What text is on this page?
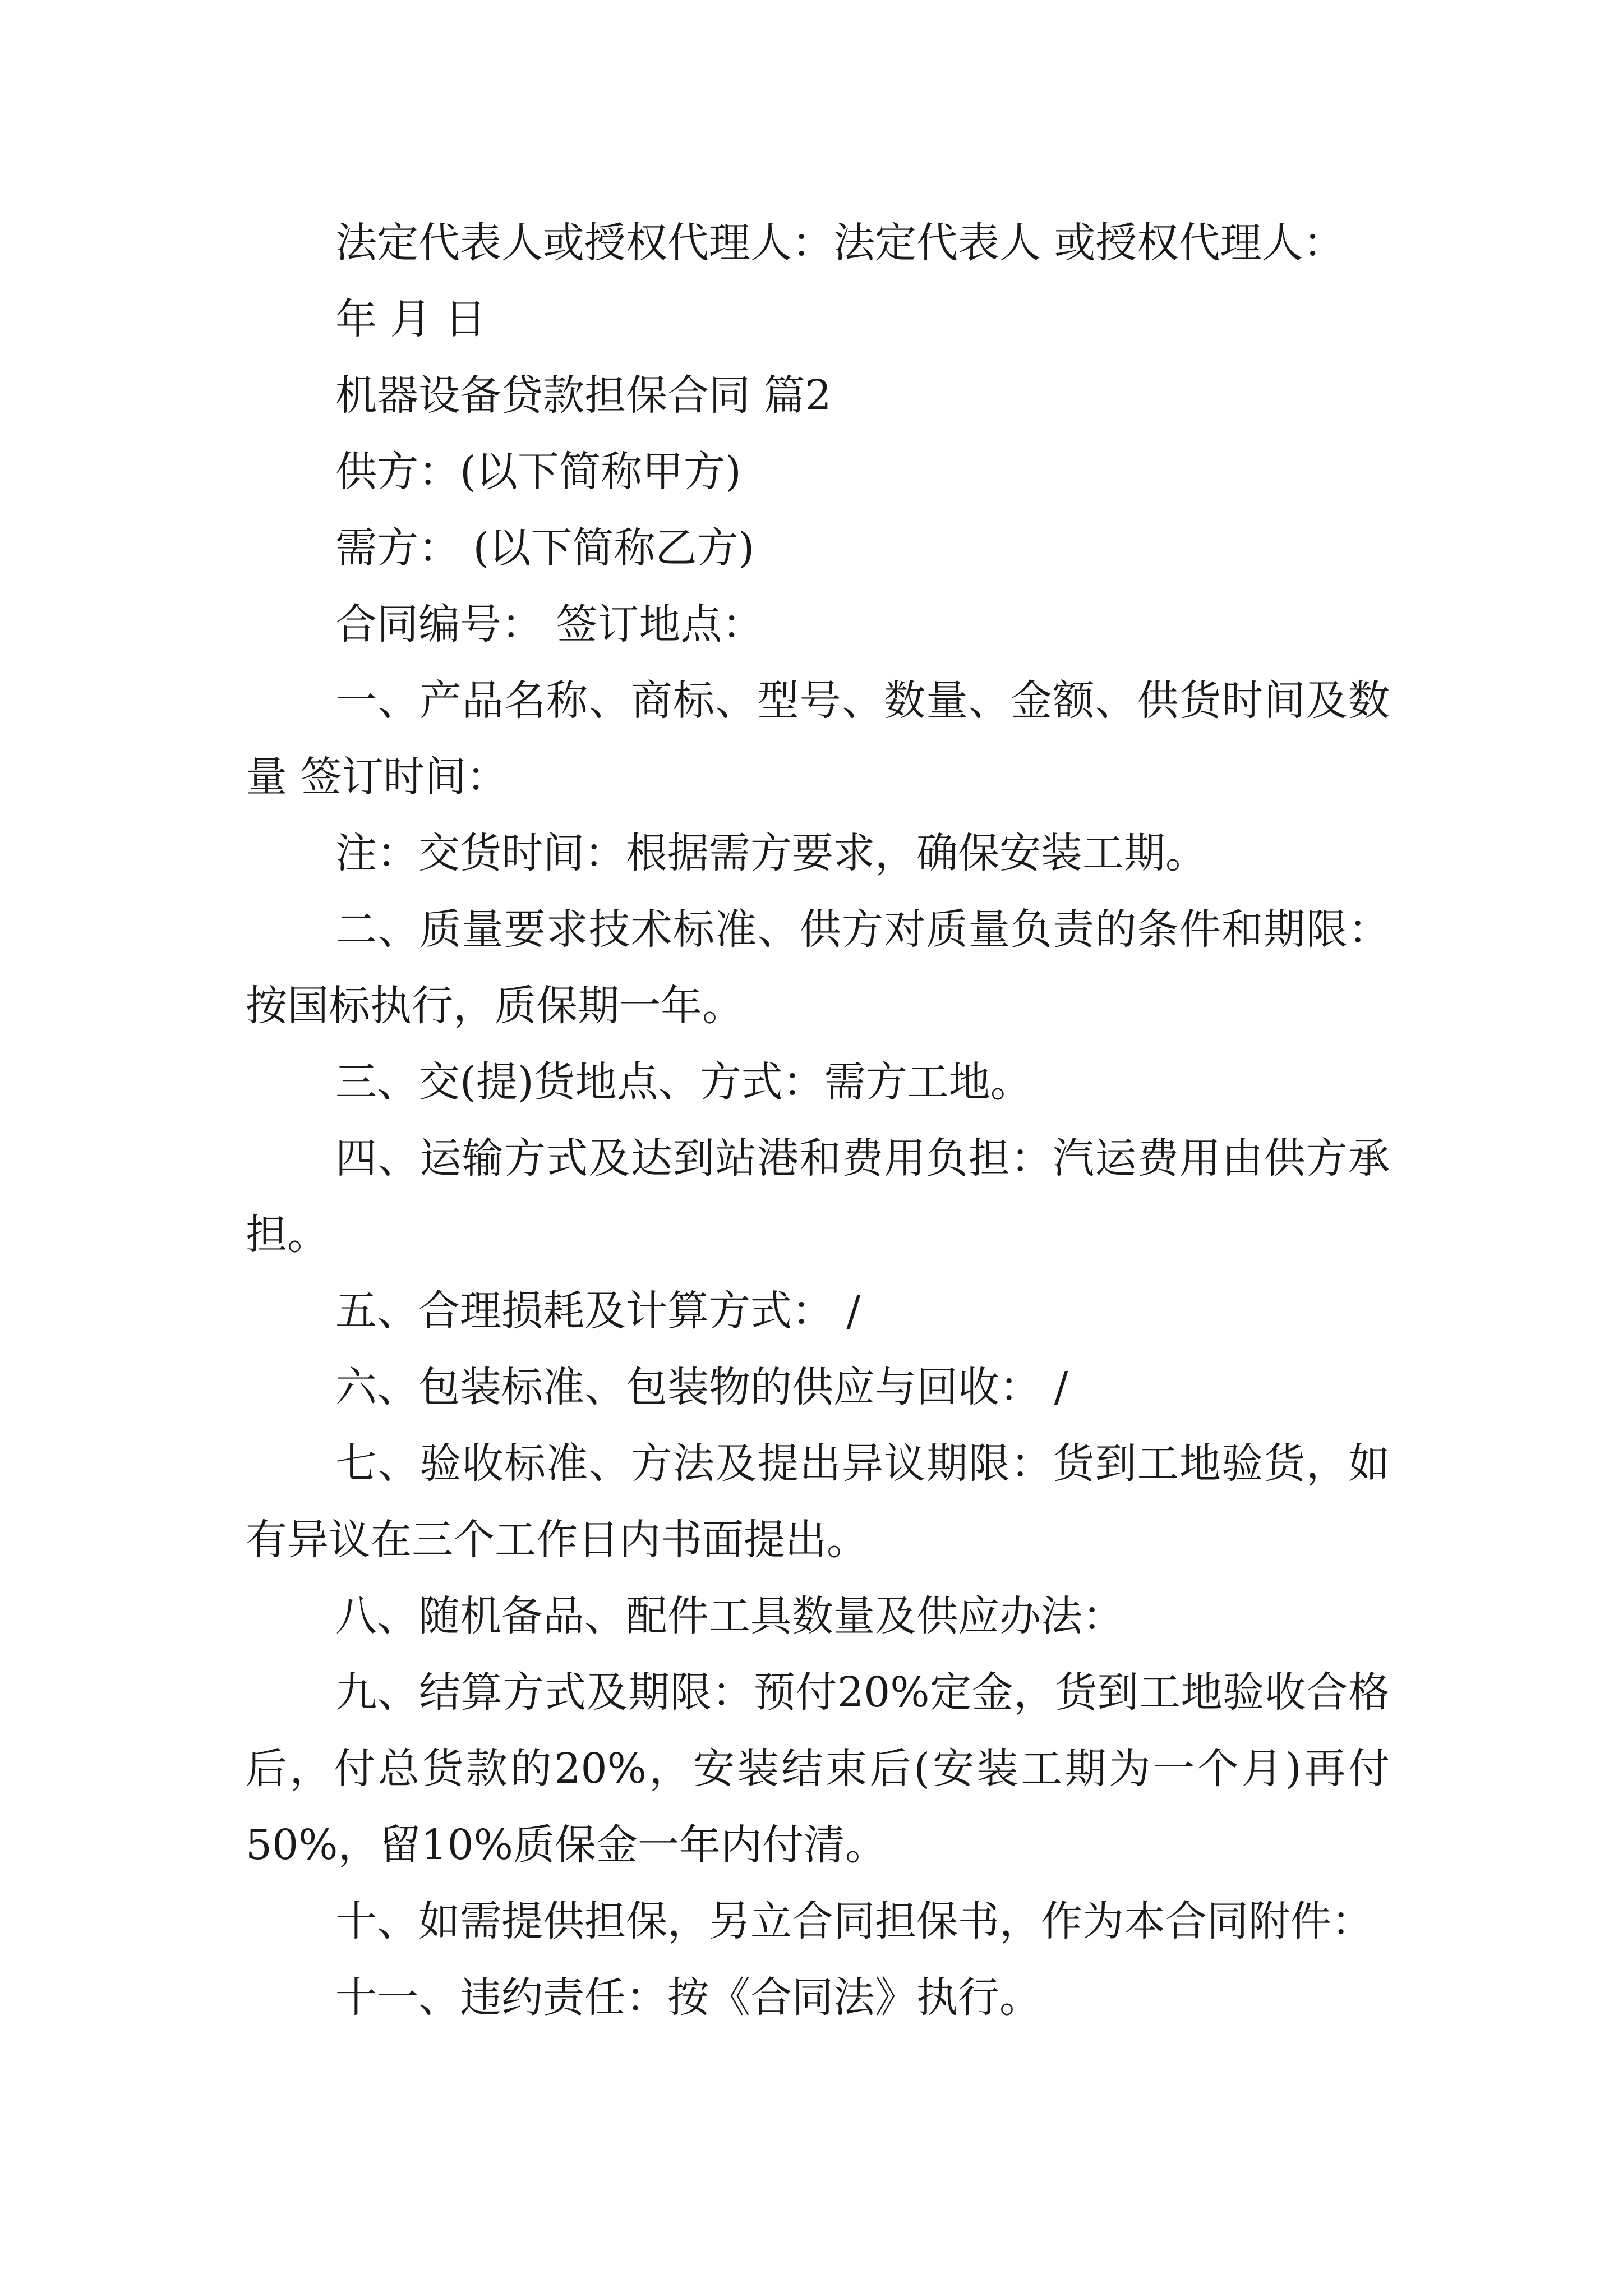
法定代表人或授权代理人：法定代表人 或授权代理人：

年 月 日

机器设备贷款担保合同 篇2

供方：(以下简称甲方)

需方： (以下简称乙方)

合同编号： 签订地点：

一、产品名称、商标、型号、数量、金额、供货时间及数量 签订时间：

注：交货时间：根据需方要求，确保安装工期。

二、质量要求技术标准、供方对质量负责的条件和期限：按国标执行，质保期一年。

三、交(提)货地点、方式：需方工地。

四、运输方式及达到站港和费用负担：汽运费用由供方承担。

五、合理损耗及计算方式： /

六、包装标准、包装物的供应与回收： /

七、验收标准、方法及提出异议期限：货到工地验货，如有异议在三个工作日内书面提出。

八、随机备品、配件工具数量及供应办法：

九、结算方式及期限：预付20%定金，货到工地验收合格后，付总货款的20%，安装结束后(安装工期为一个月)再付50%，留10%质保金一年内付清。

十、如需提供担保，另立合同担保书，作为本合同附件：

十一、违约责任：按《合同法》执行。
